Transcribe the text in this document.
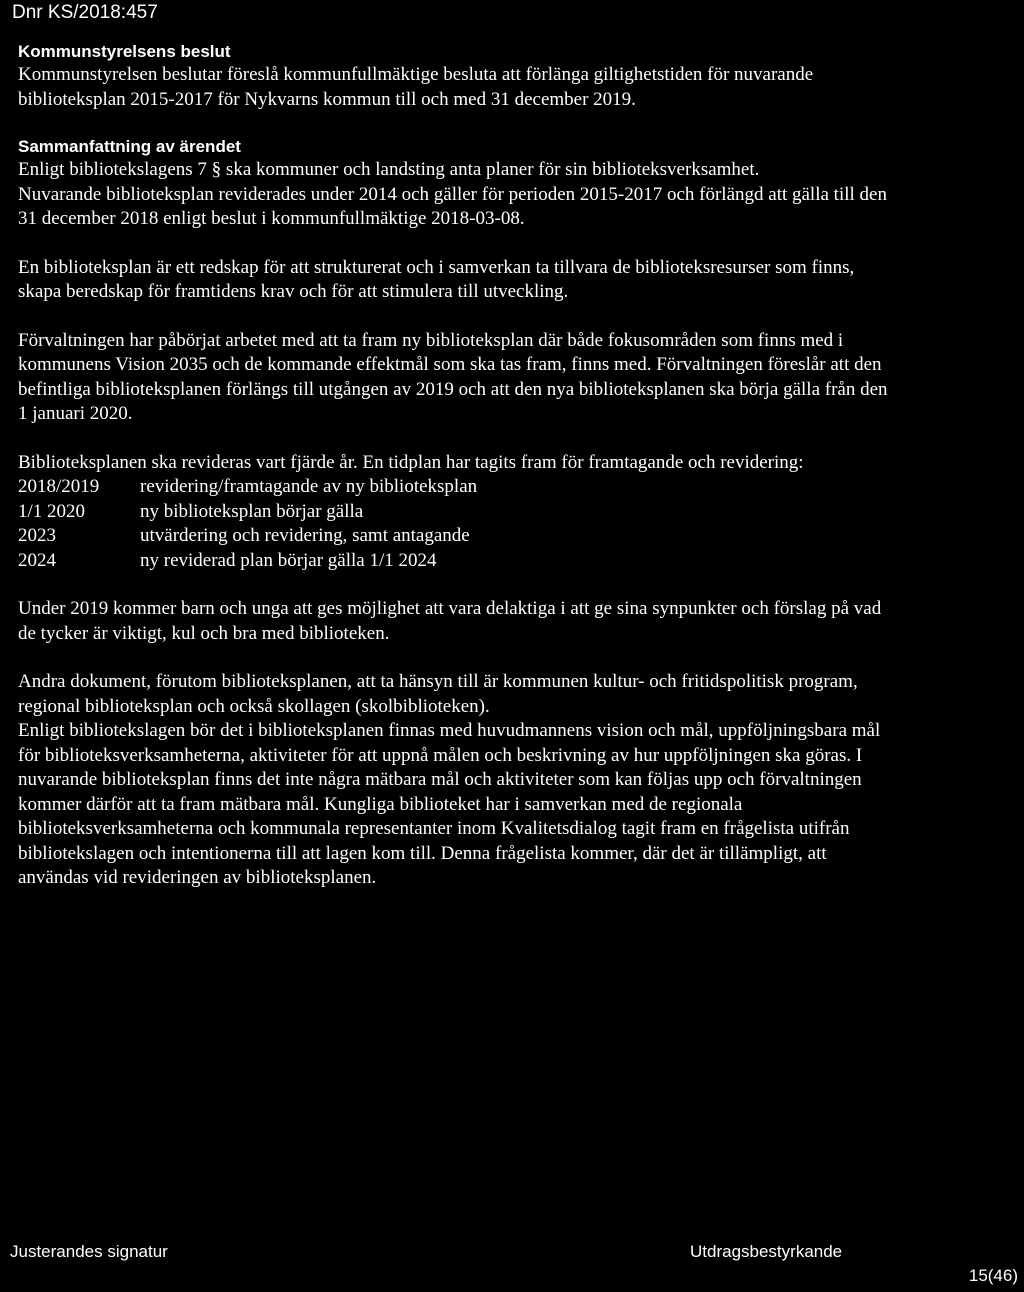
Dnr KS/2018:457
Kommunstyrelsens beslut

Kommunstyrelsen beslutar föreslå kommunfullmäktige besluta att förlänga giltighetstiden för nuvarande biblioteksplan 2015-2017 för Nykvarns kommun till och med 31 december 2019.

Sammanfattning av ärendet

Enligt bibliotekslagens 7 § ska kommuner och landsting anta planer för sin biblioteksverksamhet.

Nuvarande biblioteksplan reviderades under 2014 och gäller för perioden 2015-2017 och förlängd att gälla till den 31 december 2018 enligt beslut i kommunfullmäktige 2018-03-08.

En biblioteksplan är ett redskap för att strukturerat och i samverkan ta tillvara de biblioteksresurser som finns, skapa beredskap för framtidens krav och för att stimulera till utveckling.

Förvaltningen har påbörjat arbetet med att ta fram ny biblioteksplan där både fokusområden som finns med i kommunens Vision 2035 och de kommande effektmål som ska tas fram, finns med. Förvaltningen föreslår att den befintliga biblioteksplanen förlängs till utgången av 2019 och att den nya biblioteksplanen ska börja gälla från den 1 januari 2020.

Biblioteksplanen ska revideras vart fjärde år. En tidplan har tagits fram för framtagande och revidering:

2018/2019	revidering/framtagande av ny biblioteksplan
1/1 2020	ny biblioteksplan börjar gälla
2023	utvärdering och revidering, samt antagande
2024	ny reviderad plan börjar gälla 1/1 2024

Under 2019 kommer barn och unga att ges möjlighet att vara delaktiga i att ge sina synpunkter och förslag på vad de tycker är viktigt, kul och bra med biblioteken.

Andra dokument, förutom biblioteksplanen, att ta hänsyn till är kommunen kultur- och fritidspolitisk program, regional biblioteksplan och också skollagen (skolbiblioteken).

Enligt bibliotekslagen bör det i biblioteksplanen finnas med huvudmannens vision och mål, uppföljningsbara mål för biblioteksverksamheterna, aktiviteter för att uppnå målen och beskrivning av hur uppföljningen ska göras. I nuvarande biblioteksplan finns det inte några mätbara mål och aktiviteter som kan följas upp och förvaltningen kommer därför att ta fram mätbara mål. Kungliga biblioteket har i samverkan med de regionala biblioteksverksamheterna och kommunala representanter inom Kvalitetsdialog tagit fram en frågelista utifrån bibliotekslagen och intentionerna till att lagen kom till. Denna frågelista kommer, där det är tillämpligt, att användas vid revideringen av biblioteksplanen.

Justerandes signatur	Utdragsbestyrkande
15(46)
